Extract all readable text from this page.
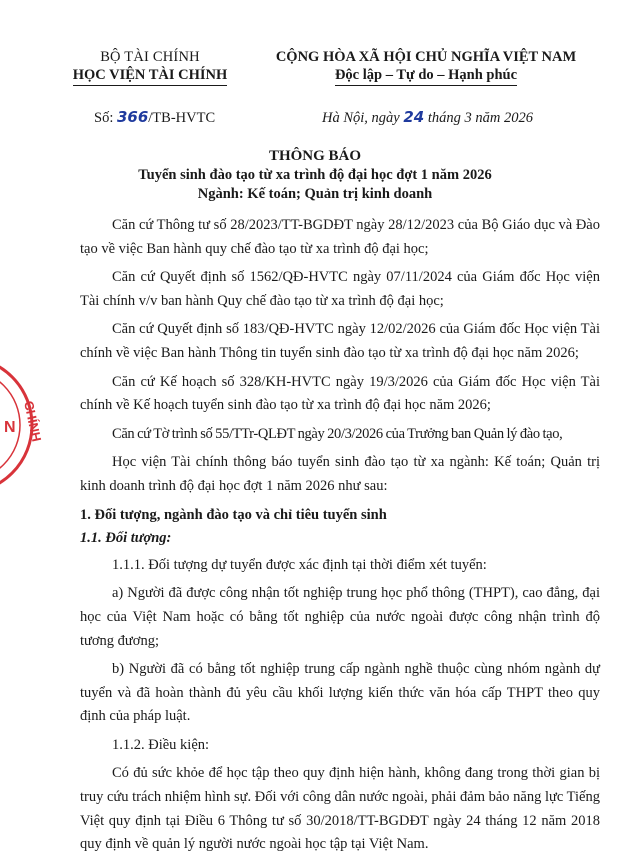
BỘ TÀI CHÍNH
HỌC VIỆN TÀI CHÍNH
CỘNG HÒA XÃ HỘI CHỦ NGHĨA VIỆT NAM
Độc lập – Tự do – Hạnh phúc
Số: 366/TB-HVTC	Hà Nội, ngày 24 tháng 3 năm 2026
THÔNG BÁO
Tuyển sinh đào tạo từ xa trình độ đại học đợt 1 năm 2026
Ngành: Kế toán; Quản trị kinh doanh
CHÍNH
N

Căn cứ Thông tư số 28/2023/TT-BGDĐT ngày 28/12/2023 của Bộ Giáo dục và Đào tạo về việc Ban hành quy chế đào tạo từ xa trình độ đại học;

Căn cứ Quyết định số 1562/QĐ-HVTC ngày 07/11/2024 của Giám đốc Học viện Tài chính v/v ban hành Quy chế đào tạo từ xa trình độ đại học;

Căn cứ Quyết định số 183/QĐ-HVTC ngày 12/02/2026 của Giám đốc Học viện Tài chính về việc Ban hành Thông tin tuyển sinh đào tạo từ xa trình độ đại học năm 2026;

Căn cứ Kế hoạch số 328/KH-HVTC ngày 19/3/2026 của Giám đốc Học viện Tài chính về Kế hoạch tuyển sinh đào tạo từ xa trình độ đại học năm 2026;

Căn cứ Tờ trình số 55/TTr-QLĐT ngày 20/3/2026 của Trưởng ban Quản lý đào tạo,

Học viện Tài chính thông báo tuyển sinh đào tạo từ xa ngành: Kế toán; Quản trị kinh doanh trình độ đại học đợt 1 năm 2026 như sau:

1. Đối tượng, ngành đào tạo và chỉ tiêu tuyển sinh

1.1. Đối tượng:

1.1.1. Đối tượng dự tuyển được xác định tại thời điểm xét tuyển:

a) Người đã được công nhận tốt nghiệp trung học phổ thông (THPT), cao đẳng, đại học của Việt Nam hoặc có bằng tốt nghiệp của nước ngoài được công nhận trình độ tương đương;

b) Người đã có bằng tốt nghiệp trung cấp ngành nghề thuộc cùng nhóm ngành dự tuyển và đã hoàn thành đủ yêu cầu khối lượng kiến thức văn hóa cấp THPT theo quy định của pháp luật.

1.1.2. Điều kiện:

Có đủ sức khỏe để học tập theo quy định hiện hành, không đang trong thời gian bị truy cứu trách nhiệm hình sự. Đối với công dân nước ngoài, phải đảm bảo năng lực Tiếng Việt quy định tại Điều 6 Thông tư số 30/2018/TT-BGDĐT ngày 24 tháng 12 năm 2018 quy định về quản lý người nước ngoài học tập tại Việt Nam.
